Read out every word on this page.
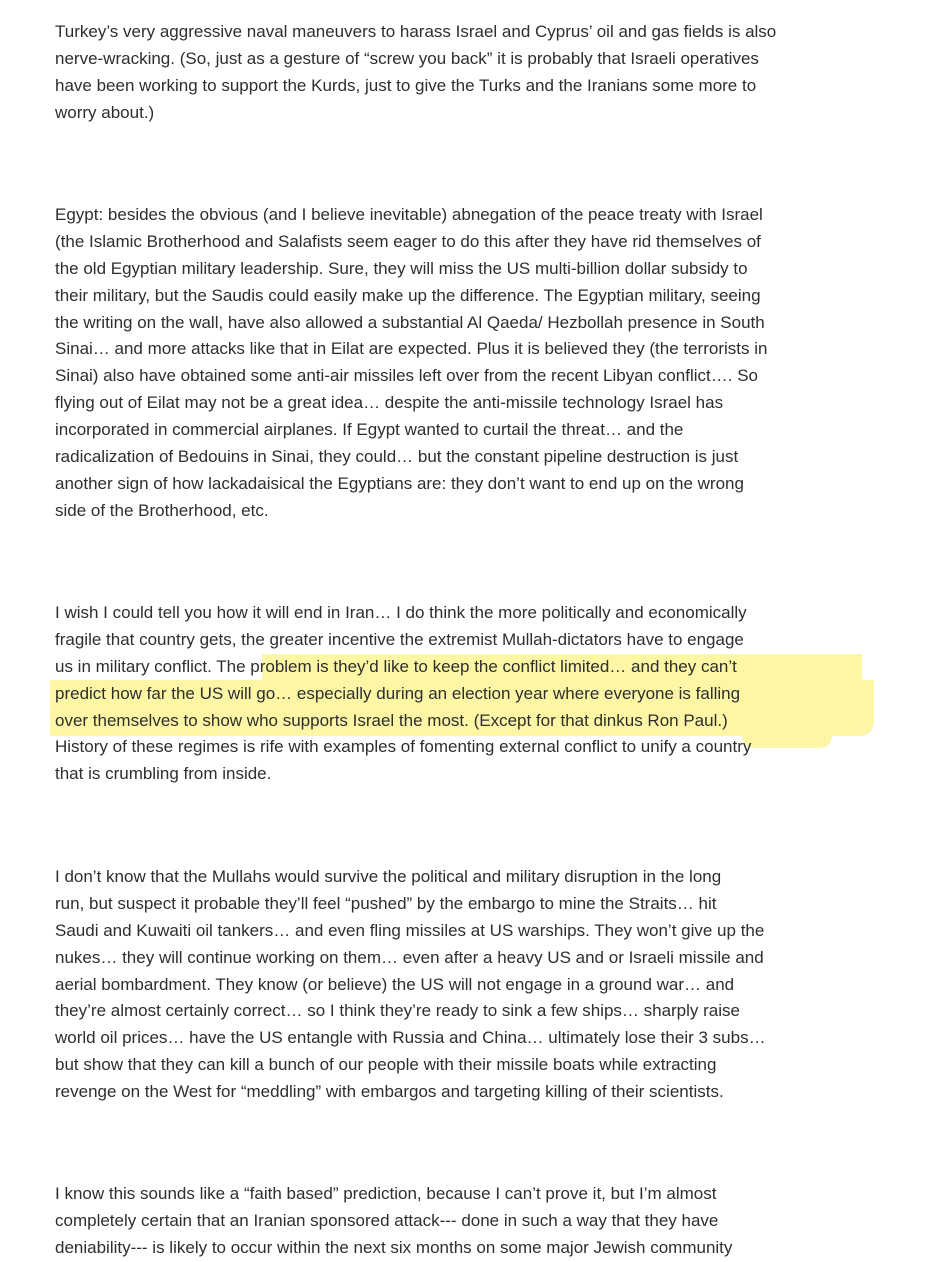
Turkey’s very aggressive naval maneuvers to harass Israel and Cyprus’ oil and gas fields is also
nerve-wracking. (So, just as a gesture of “screw you back” it is probably that Israeli operatives
have been working to support the Kurds, just to give the Turks and the Iranians some more to
worry about.)
Egypt: besides the obvious (and I believe inevitable) abnegation of the peace treaty with Israel
(the Islamic Brotherhood and Salafists seem eager to do this after they have rid themselves of
the old Egyptian military leadership. Sure, they will miss the US multi-billion dollar subsidy to
their military, but the Saudis could easily make up the difference. The Egyptian military, seeing
the writing on the wall, have also allowed a substantial Al Qaeda/ Hezbollah presence in South
Sinai… and more attacks like that in Eilat are expected. Plus it is believed they (the terrorists in
Sinai) also have obtained some anti-air missiles left over from the recent Libyan conflict…. So
flying out of Eilat may not be a great idea… despite the anti-missile technology Israel has
incorporated in commercial airplanes. If Egypt wanted to curtail the threat… and the
radicalization of Bedouins in Sinai, they could… but the constant pipeline destruction is just
another sign of how lackadaisical the Egyptians are: they don’t want to end up on the wrong
side of the Brotherhood, etc.
I wish I could tell you how it will end in Iran… I do think the more politically and economically
fragile that country gets, the greater incentive the extremist Mullah-dictators have to engage
us in military conflict. The problem is they’d like to keep the conflict limited… and they can’t
predict how far the US will go… especially during an election year where everyone is falling
over themselves to show who supports Israel the most. (Except for that dinkus Ron Paul.)
History of these regimes is rife with examples of fomenting external conflict to unify a country
that is crumbling from inside.
I don’t know that the Mullahs would survive the political and military disruption in the long
run, but suspect it probable they’ll feel “pushed” by the embargo to mine the Straits… hit
Saudi and Kuwaiti oil tankers… and even fling missiles at US warships. They won’t give up the
nukes… they will continue working on them… even after a heavy US and or Israeli missile and
aerial bombardment. They know (or believe) the US will not engage in a ground war… and
they’re almost certainly correct… so I think they’re ready to sink a few ships… sharply raise
world oil prices… have the US entangle with Russia and China… ultimately lose their 3 subs…
but show that they can kill a bunch of our people with their missile boats while extracting
revenge on the West for “meddling” with embargos and targeting killing of their scientists.
I know this sounds like a “faith based” prediction, because I can’t prove it, but I’m almost
completely certain that an Iranian sponsored attack--- done in such a way that they have
deniability--- is likely to occur within the next six months on some major Jewish community
